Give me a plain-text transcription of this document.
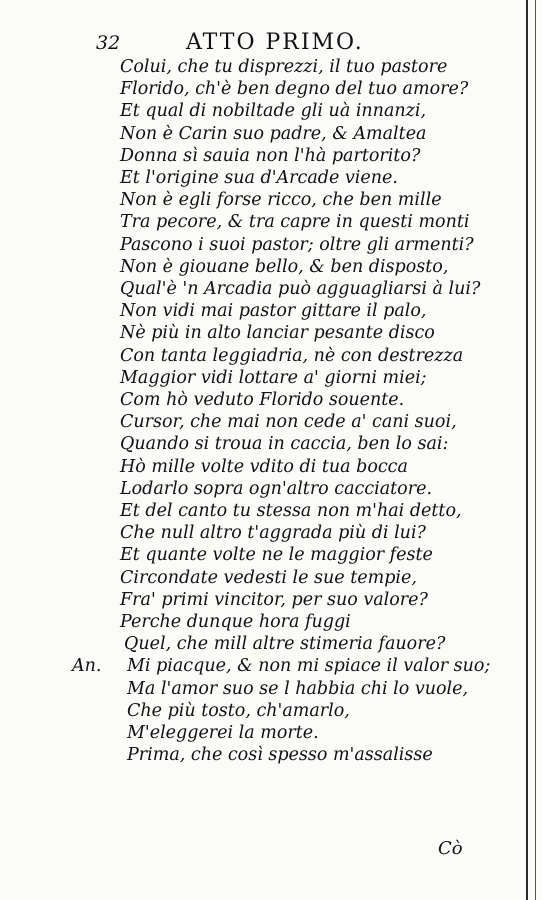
32	ATTO PRIMO.
Colui, che tu disprezzi, il tuo pastore
Florido, ch'è ben degno del tuo amore?
Et qual di nobiltade gli uà innanzi,
Non è Carin suo padre, & Amaltea
Donna sì sauia non l'hà partorito?
Et l'origine sua d'Arcade viene.
Non è egli forse ricco, che ben mille
Tra pecore, & tra capre in questi monti
Pascono i suoi pastor; oltre gli armenti?
Non è giouane bello, & ben disposto,
Qual'è 'n Arcadia può agguagliarsi à lui?
Non vidi mai pastor gittare il palo,
Nè più in alto lanciar pesante disco
Con tanta leggiadria, nè con destrezza
Maggior vidi lottare a' giorni miei;
Com hò veduto Florido souente.
Cursor, che mai non cede a' cani suoi,
Quando si troua in caccia, ben lo sai:
Hò mille volte vdito di tua bocca
Lodarlo sopra ogn'altro cacciatore.
Et del canto tu stessa non m'hai detto,
Che null altro t'aggrada più di lui?
Et quante volte ne le maggior feste
Circondate vedesti le sue tempie,
Fra' primi vincitor, per suo valore?
Perche dunque hora fuggi
Quel, che mill altre stimeria fauore?
An. Mi piacque, & non mi spiace il valor suo;
Ma l'amor suo se l habbia chi lo vuole,
Che più tosto, ch'amarlo,
M'eleggerei la morte.
Prima, che così spesso m'assalisse
Cò
